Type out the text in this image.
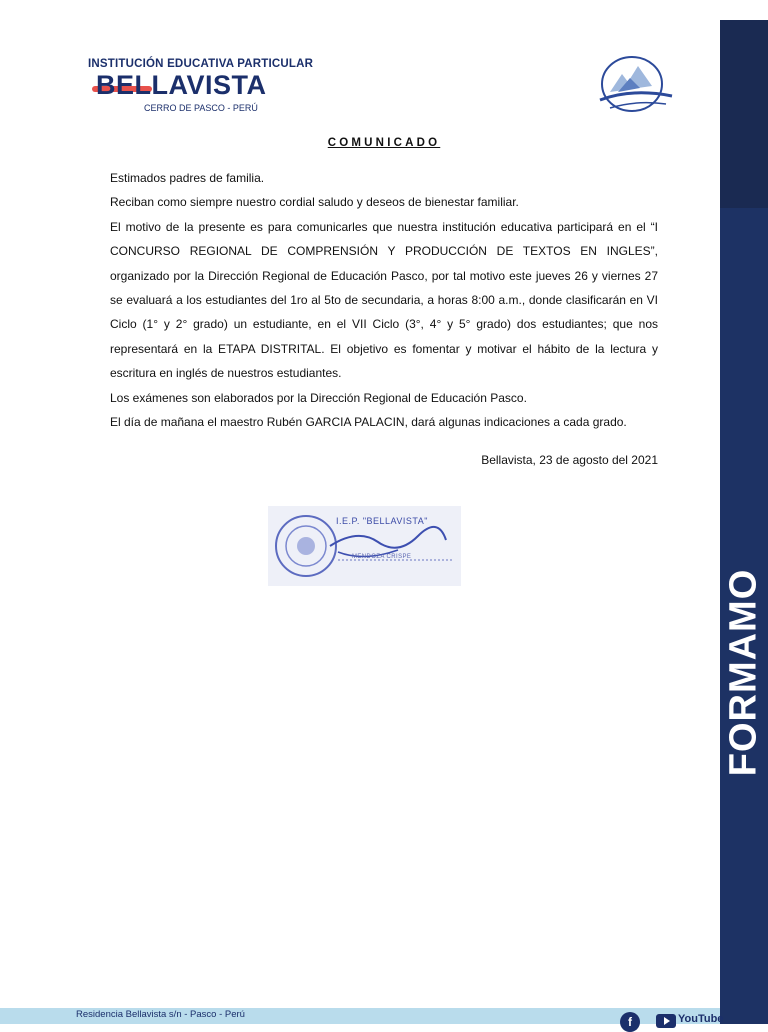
FORMAMO
INSTITUCIÓN EDUCATIVA PARTICULAR
BELLAVISTA
CERRO DE PASCO - PERÚ
COMUNICADO

Estimados padres de familia.

Reciban como siempre nuestro cordial saludo y deseos de bienestar familiar.

El motivo de la presente es para comunicarles que nuestra institución educativa participará en el “I CONCURSO REGIONAL DE COMPRENSIÓN Y PRODUCCIÓN DE TEXTOS EN INGLES”, organizado por la Dirección Regional de Educación Pasco, por tal motivo este jueves 26 y viernes 27 se evaluará a los estudiantes del 1ro al 5to de secundaria, a horas 8:00 a.m., donde clasificarán en VI Ciclo (1° y 2° grado) un estudiante, en el VII Ciclo (3°, 4° y 5° grado) dos estudiantes; que nos representará en la ETAPA DISTRITAL. El objetivo es fomentar y motivar el hábito de la lectura y escritura en inglés de nuestros estudiantes.

Los exámenes son elaborados por la Dirección Regional de Educación Pasco.

El día de mañana el maestro Rubén GARCIA PALACIN, dará algunas indicaciones a cada grado.

Bellavista, 23 de agosto del 2021

I.E.P. "BELLAVISTA"
MENDOZA CRISPE
Residencia Bellavista s/n - Pasco - Perú
f	YouTube
